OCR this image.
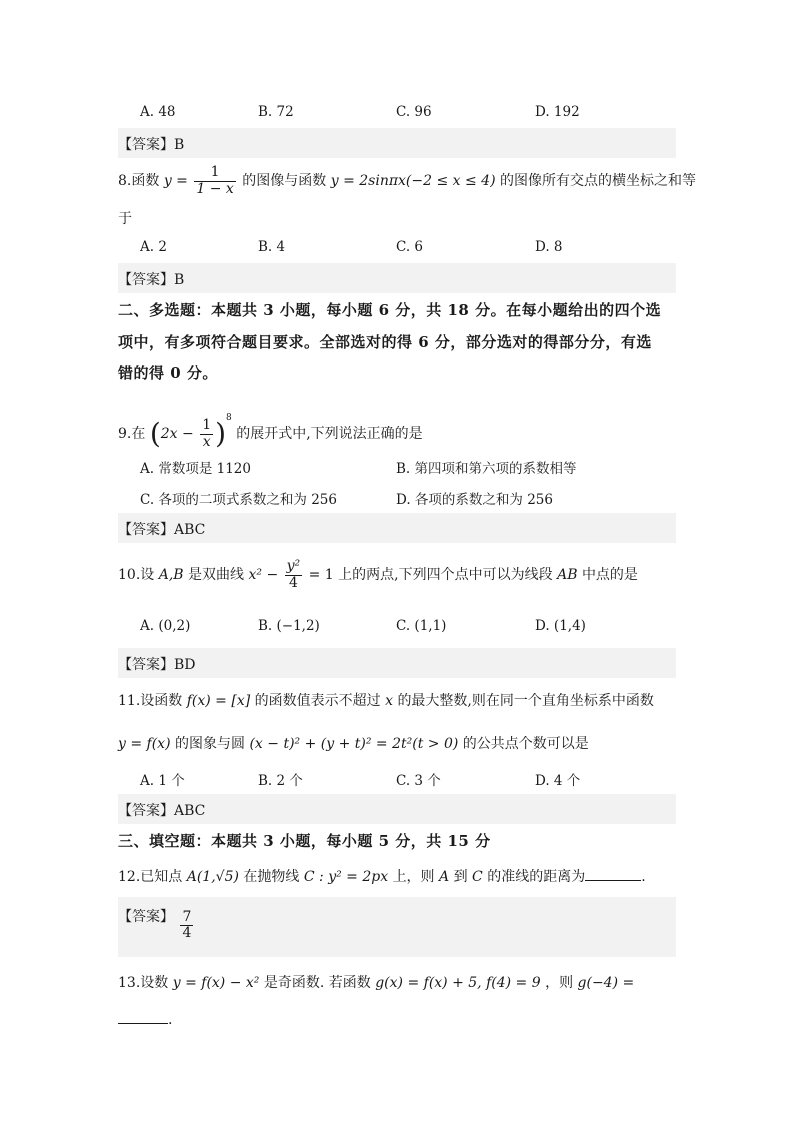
A. 48	B. 72	C. 96	D. 192
【答案】B
8.函数 $y = \frac{1}{1 - x}$ 的图像与函数 y = 2sinπx(−2 ≤ x ≤ 4) 的图像所有交点的横坐标之和等
于
A. 2	B. 4	C. 6	D. 8
【答案】B
二、多选题：本题共 3 小题，每小题 6 分，共 18 分。在每小题给出的四个选
项中，有多项符合题目要求。全部选对的得 6 分，部分选对的得部分分，有选
错的得 0 分。
9.在 $(2x - \frac{1}{x} )^8$ 的展开式中,下列说法正确的是
A. 常数项是 1120	B. 第四项和第六项的系数相等
C. 各项的二项式系数之和为 256	D. 各项的系数之和为 256
【答案】ABC
10.设 A,B 是双曲线 $x^2 - \frac{\text{y²}}{4} = 1$ 上的两点,下列四个点中可以为线段 AB 中点的是
A. (0,2)	B. (−1,2)	C. (1,1)	D. (1,4)
【答案】BD
11.设函数 f(x) = [x] 的函数值表示不超过 x 的最大整数,则在同一个直角坐标系中函数
y = f(x) 的图象与圆 (x − t)² + (y + t)² = 2t²(t > 0) 的公共点个数可以是
A. 1 个	B. 2 个	C. 3 个	D. 4 个
【答案】ABC
三、填空题：本题共 3 小题，每小题 5 分，共 15 分
12.已知点 A(1,√5) 在抛物线 C : y² = 2px 上，则 A 到 C 的准线的距离为	.
【答案】 $\frac{7}{4}$
13.设数 y = f(x) − x² 是奇函数. 若函数 g(x) = f(x) + 5, f(4) = 9 ，则 g(−4) =
.
